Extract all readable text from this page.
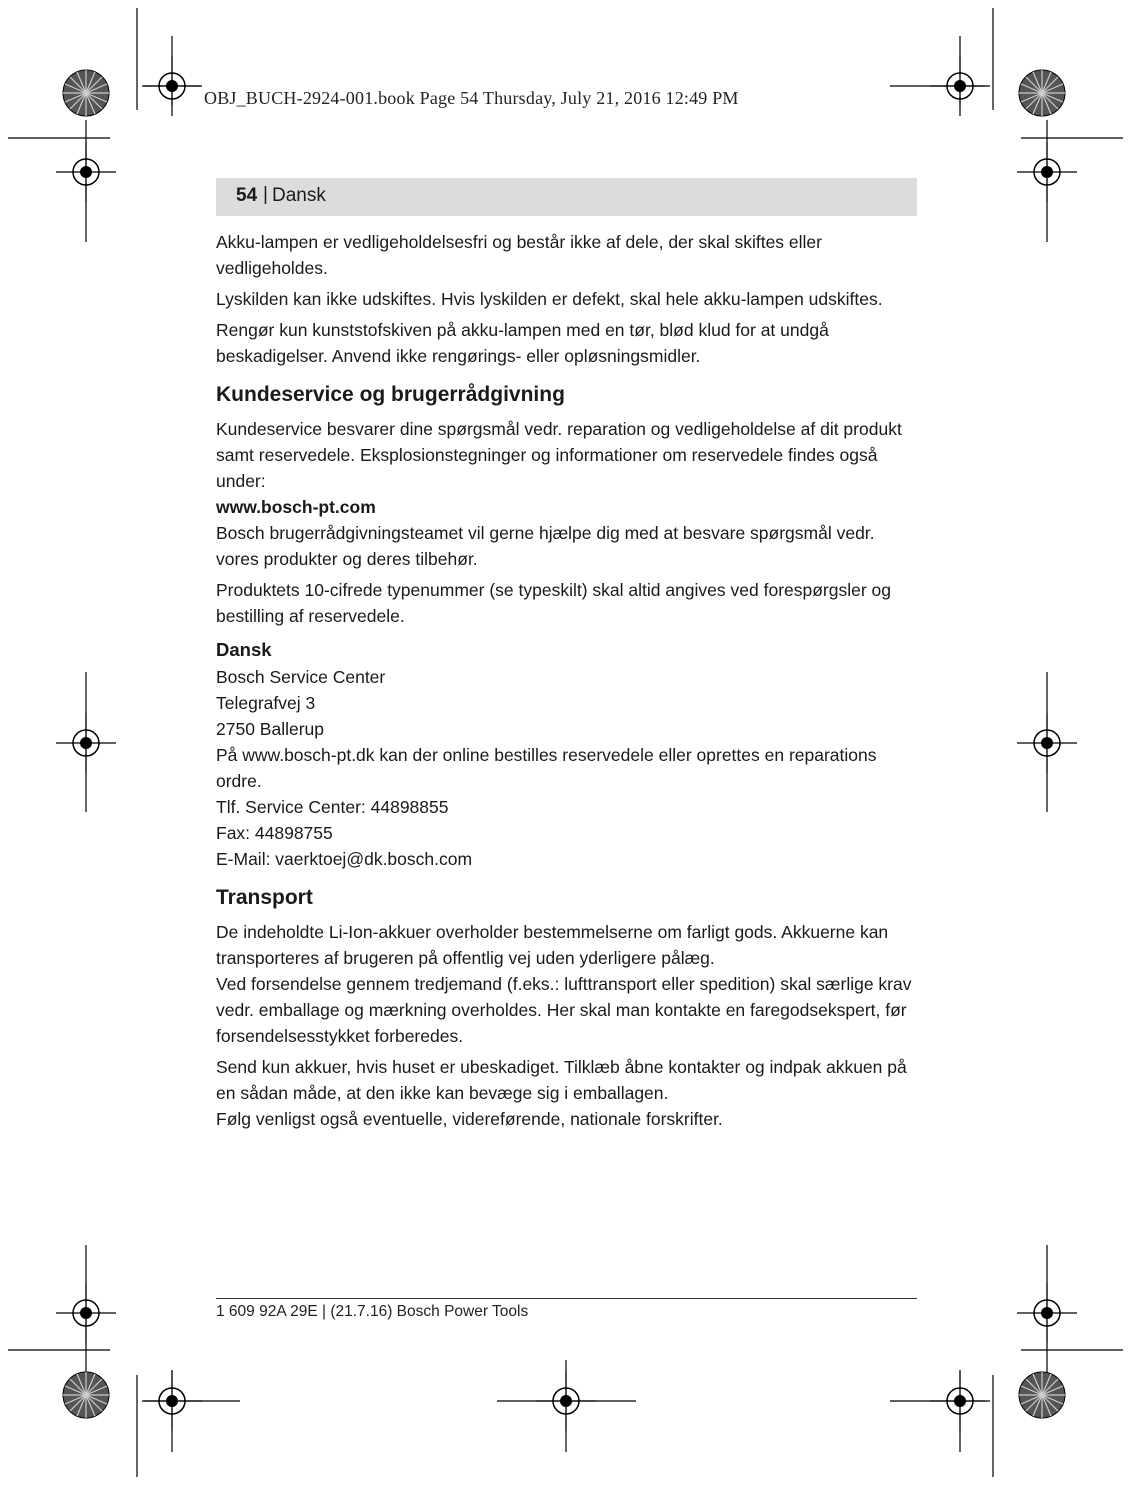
OBJ_BUCH-2924-001.book Page 54 Thursday, July 21, 2016 12:49 PM
54 | Dansk

Akku-lampen er vedligeholdelsesfri og består ikke af dele, der skal skiftes eller vedligeholdes.

Lyskilden kan ikke udskiftes. Hvis lyskilden er defekt, skal hele akku-lampen udskiftes.

Rengør kun kunststofskiven på akku-lampen med en tør, blød klud for at undgå beskadigelser. Anvend ikke rengørings- eller opløsningsmidler.

Kundeservice og brugerrådgivning

Kundeservice besvarer dine spørgsmål vedr. reparation og vedligeholdelse af dit produkt samt reservedele. Eksplosionstegninger og informationer om reservedele findes også under:

www.bosch-pt.com

Bosch brugerrådgivningsteamet vil gerne hjælpe dig med at besvare spørgsmål vedr. vores produkter og deres tilbehør.

Produktets 10-cifrede typenummer (se typeskilt) skal altid angives ved forespørgsler og bestilling af reservedele.

Dansk
Bosch Service Center
Telegrafvej 3
2750 Ballerup
På www.bosch-pt.dk kan der online bestilles reservedele eller oprettes en reparations ordre.
Tlf. Service Center: 44898855
Fax: 44898755
E-Mail: vaerktoej@dk.bosch.com
Transport

De indeholdte Li-Ion-akkuer overholder bestemmelserne om farligt gods. Akkuerne kan transporteres af brugeren på offentlig vej uden yderligere pålæg.

Ved forsendelse gennem tredjemand (f.eks.: lufttransport eller spedition) skal særlige krav vedr. emballage og mærkning overholdes. Her skal man kontakte en faregodsekspert, før forsendelsesstykket forberedes.

Send kun akkuer, hvis huset er ubeskadiget. Tilklæb åbne kontakter og indpak akkuen på en sådan måde, at den ikke kan bevæge sig i emballagen.

Følg venligst også eventuelle, videreførende, nationale forskrifter.

1 609 92A 29E | (21.7.16) Bosch Power Tools
